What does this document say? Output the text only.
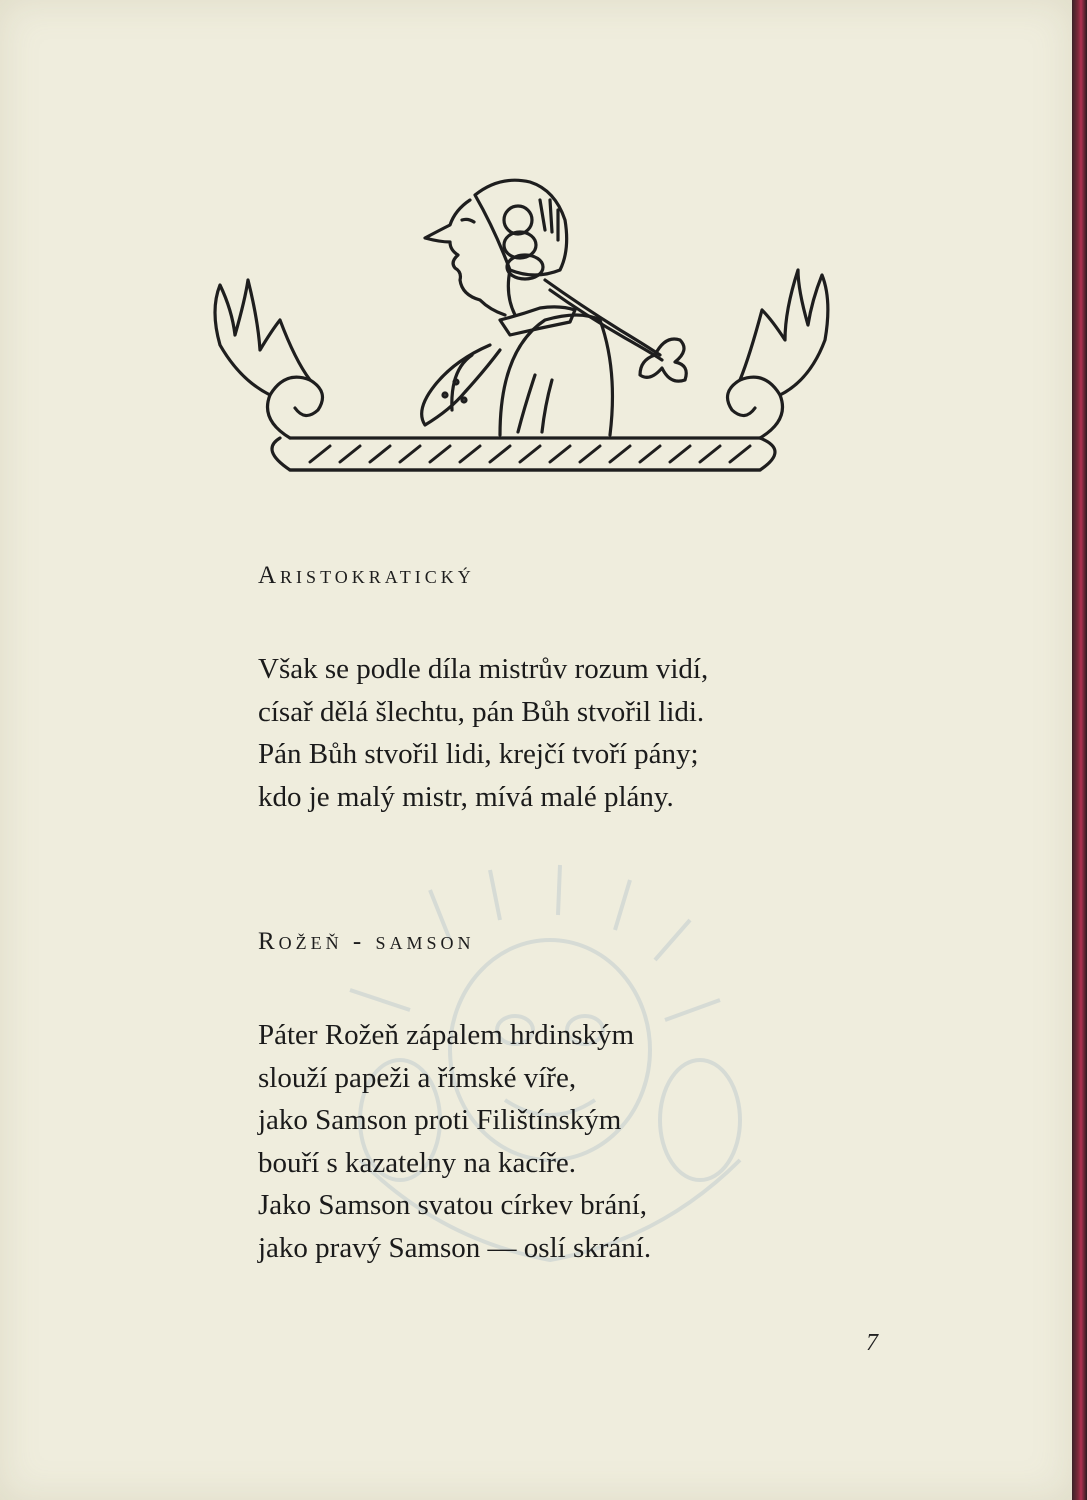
Aristokratický
Však se podle díla mistrův rozum vidí,
císař dělá šlechtu, pán Bůh stvořil lidi.
Pán Bůh stvořil lidi, krejčí tvoří pány;
kdo je malý mistr, mívá malé plány.
Rožeň - samson
Páter Rožeň zápalem hrdinským
slouží papeži a římské víře,
jako Samson proti Filištínským
bouří s kazatelny na kacíře.
Jako Samson svatou církev brání,
jako pravý Samson — oslí skrání.
7
